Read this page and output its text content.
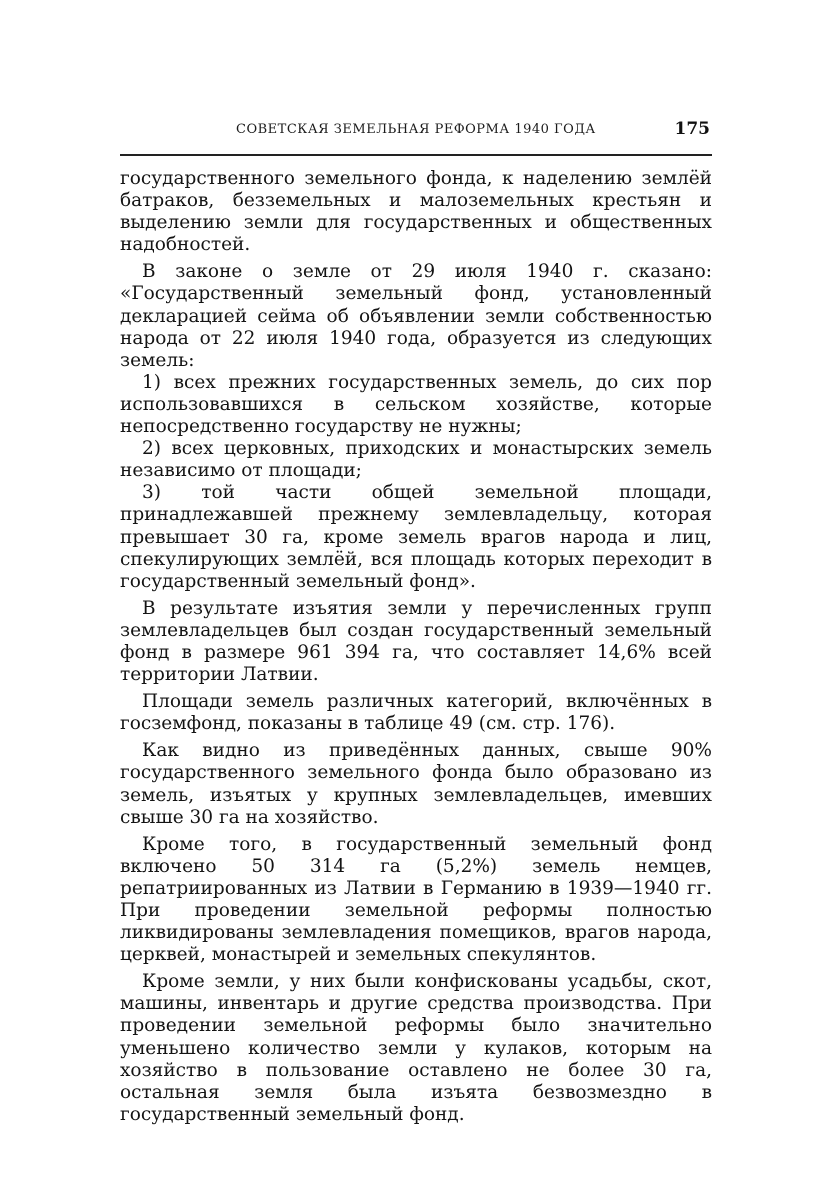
СОВЕТСКАЯ ЗЕМЕЛЬНАЯ РЕФОРМА 1940 ГОДА	175

государственного земельного фонда, к наделению землёй батраков, безземельных и малоземельных крестьян и выделению земли для государственных и общественных надобностей.

В законе о земле от 29 июля 1940 г. сказано: «Государственный земельный фонд, установленный декларацией сейма об объявлении земли собственностью народа от 22 июля 1940 года, образуется из следующих земель:

1) всех прежних государственных земель, до сих пор использовавшихся в сельском хозяйстве, которые непосредственно государству не нужны;

2) всех церковных, приходских и монастырских земель независимо от площади;

3) той части общей земельной площади, принадлежавшей прежнему землевладельцу, которая превышает 30 га, кроме земель врагов народа и лиц, спекулирующих землёй, вся площадь которых переходит в государственный земельный фонд».

В результате изъятия земли у перечисленных групп землевладельцев был создан государственный земельный фонд в размере 961 394 га, что составляет 14,6% всей территории Латвии.

Площади земель различных категорий, включённых в госземфонд, показаны в таблице 49 (см. стр. 176).

Как видно из приведённых данных, свыше 90% государственного земельного фонда было образовано из земель, изъятых у крупных землевладельцев, имевших свыше 30 га на хозяйство.

Кроме того, в государственный земельный фонд включено 50 314 га (5,2%) земель немцев, репатриированных из Латвии в Германию в 1939—1940 гг. При проведении земельной реформы полностью ликвидированы землевладения помещиков, врагов народа, церквей, монастырей и земельных спекулянтов.

Кроме земли, у них были конфискованы усадьбы, скот, машины, инвентарь и другие средства производства. При проведении земельной реформы было значительно уменьшено количество земли у кулаков, которым на хозяйство в пользование оставлено не более 30 га, остальная земля была изъята безвозмездно в государственный земельный фонд.
